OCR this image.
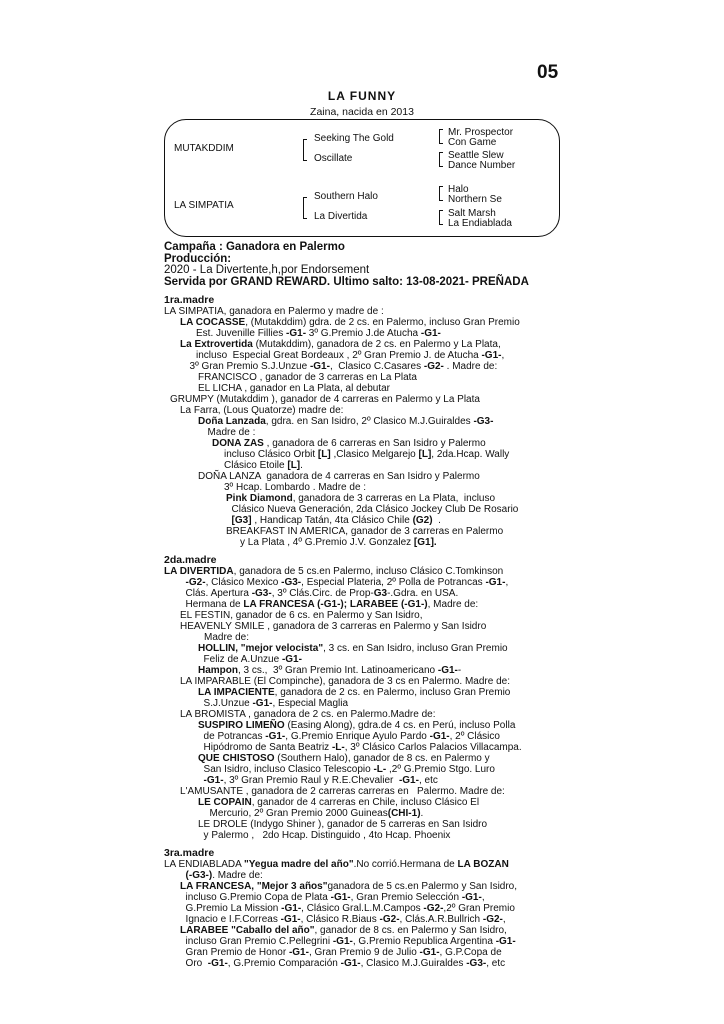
05
LA FUNNY
Zaina, nacida en 2013
MUTAKDDIM
LA SIMPATIA
Seeking The Gold
Oscillate
Southern Halo
La Divertida
Mr. Prospector
Con Game
Seattle Slew
Dance Number
Halo
Northern Se
Salt Marsh
La Endiablada
Campaña : Ganadora en Palermo
Producción:
2020 - La Divertente,h,por Endorsement
Servida por GRAND REWARD. Ultimo salto: 13-08-2021- PREÑADA
1ra.madre
LA SIMPATIA, ganadora en Palermo y madre de :
LA COCASSE, (Mutakddim) gdra. de 2 cs. en Palermo, incluso Gran Premio
Est. Juvenille Fillies -G1- 3º G.Premio J.de Atucha -G1-
La Extrovertida (Mutakddim), ganadora de 2 cs. en Palermo y La Plata,
incluso  Especial Great Bordeaux , 2º Gran Premio J. de Atucha -G1-,
3º Gran Premio S.J.Unzue -G1-,  Clasico C.Casares -G2- . Madre de:
FRANCISCO , ganador de 3 carreras en La Plata
EL LICHA , ganador en La Plata, al debutar
GRUMPY (Mutakddim ), ganador de 4 carreras en Palermo y La Plata
La Farra, (Lous Quatorze) madre de:
Doña Lanzada, gdra. en San Isidro, 2º Clasico M.J.Guiraldes -G3-
Madre de :
DONA ZAS , ganadora de 6 carreras en San Isidro y Palermo
incluso Clásico Orbit [L] ,Clasico Melgarejo [L], 2da.Hcap. Wally
Clásico Etoile [L].
DOÑA LANZA  ganadora de 4 carreras en San Isidro y Palermo
3º Hcap. Lombardo . Madre de :
Pink Diamond, ganadora de 3 carreras en La Plata,  incluso
Clásico Nueva Generación, 2da Clásico Jockey Club De Rosario
[G3] , Handicap Tatán, 4ta Clásico Chile (G2)  .
BREAKFAST IN AMERICA, ganador de 3 carreras en Palermo
y La Plata , 4º G.Premio J.V. Gonzalez [G1].
2da.madre
LA DIVERTIDA, ganadora de 5 cs.en Palermo, incluso Clásico C.Tomkinson
-G2-, Clásico Mexico -G3-, Especial Plateria, 2º Polla de Potrancas -G1-,
Clás. Apertura -G3-, 3º Clás.Circ. de Prop-G3-.Gdra. en USA.
Hermana de LA FRANCESA (-G1-); LARABEE (-G1-), Madre de:
EL FESTIN, ganador de 6 cs. en Palermo y San Isidro,
HEAVENLY SMILE , ganadora de 3 carreras en Palermo y San Isidro
Madre de:
HOLLIN, "mejor velocista", 3 cs. en San Isidro, incluso Gran Premio
Feliz de A.Unzue -G1-
Hampon, 3 cs.,  3º Gran Premio Int. Latinoamericano -G1--
LA IMPARABLE (El Compinche), ganadora de 3 cs en Palermo. Madre de:
LA IMPACIENTE, ganadora de 2 cs. en Palermo, incluso Gran Premio
S.J.Unzue -G1-, Especial Maglia
LA BROMISTA , ganadora de 2 cs. en Palermo.Madre de:
SUSPIRO LIMEÑO (Easing Along), gdra.de 4 cs. en Perú, incluso Polla
de Potrancas -G1-, G.Premio Enrique Ayulo Pardo -G1-, 2º Clásico
Hipódromo de Santa Beatriz -L-, 3º Clásico Carlos Palacios Villacampa.
QUE CHISTOSO (Southern Halo), ganador de 8 cs. en Palermo y
San Isidro, incluso Clasico Telescopio -L- ,2º G.Premio Stgo. Luro
-G1-, 3º Gran Premio Raul y R.E.Chevalier  -G1-, etc
L'AMUSANTE , ganadora de 2 carreras carreras en   Palermo. Madre de:
LE COPAIN, ganador de 4 carreras en Chile, incluso Clásico El
Mercurio, 2º Gran Premio 2000 Guineas(CHI-1).
LE DROLE (Indygo Shiner ), ganador de 5 carreras en San Isidro
y Palermo ,   2do Hcap. Distinguido , 4to Hcap. Phoenix
3ra.madre
LA ENDIABLADA "Yegua madre del año".No corrió.Hermana de LA BOZAN
(-G3-). Madre de:
LA FRANCESA, "Mejor 3 años"ganadora de 5 cs.en Palermo y San Isidro,
incluso G.Premio Copa de Plata -G1-, Gran Premio Selección -G1-,
G.Premio La Mission -G1-, Clásico Gral.L.M.Campos -G2-,2º Gran Premio
Ignacio e I.F.Correas -G1-, Clásico R.Biaus -G2-, Clás.A.R.Bullrich -G2-,
LARABEE "Caballo del año", ganador de 8 cs. en Palermo y San Isidro,
incluso Gran Premio C.Pellegrini -G1-, G.Premio Republica Argentina -G1-
Gran Premio de Honor -G1-, Gran Premio 9 de Julio -G1-, G.P.Copa de
Oro  -G1-, G.Premio Comparación -G1-, Clasico M.J.Guiraldes -G3-, etc
